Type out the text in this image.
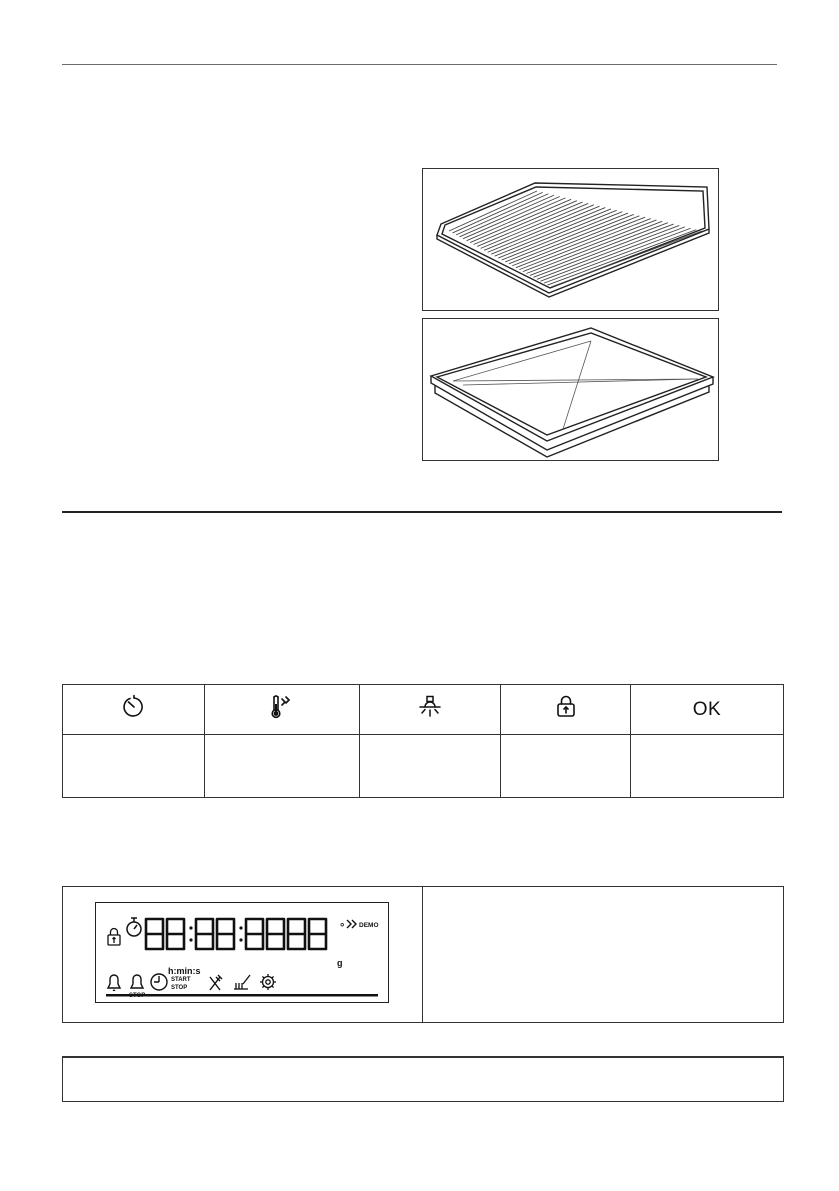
				OK

°
g
DEMO
h:min:s
START
STOP
